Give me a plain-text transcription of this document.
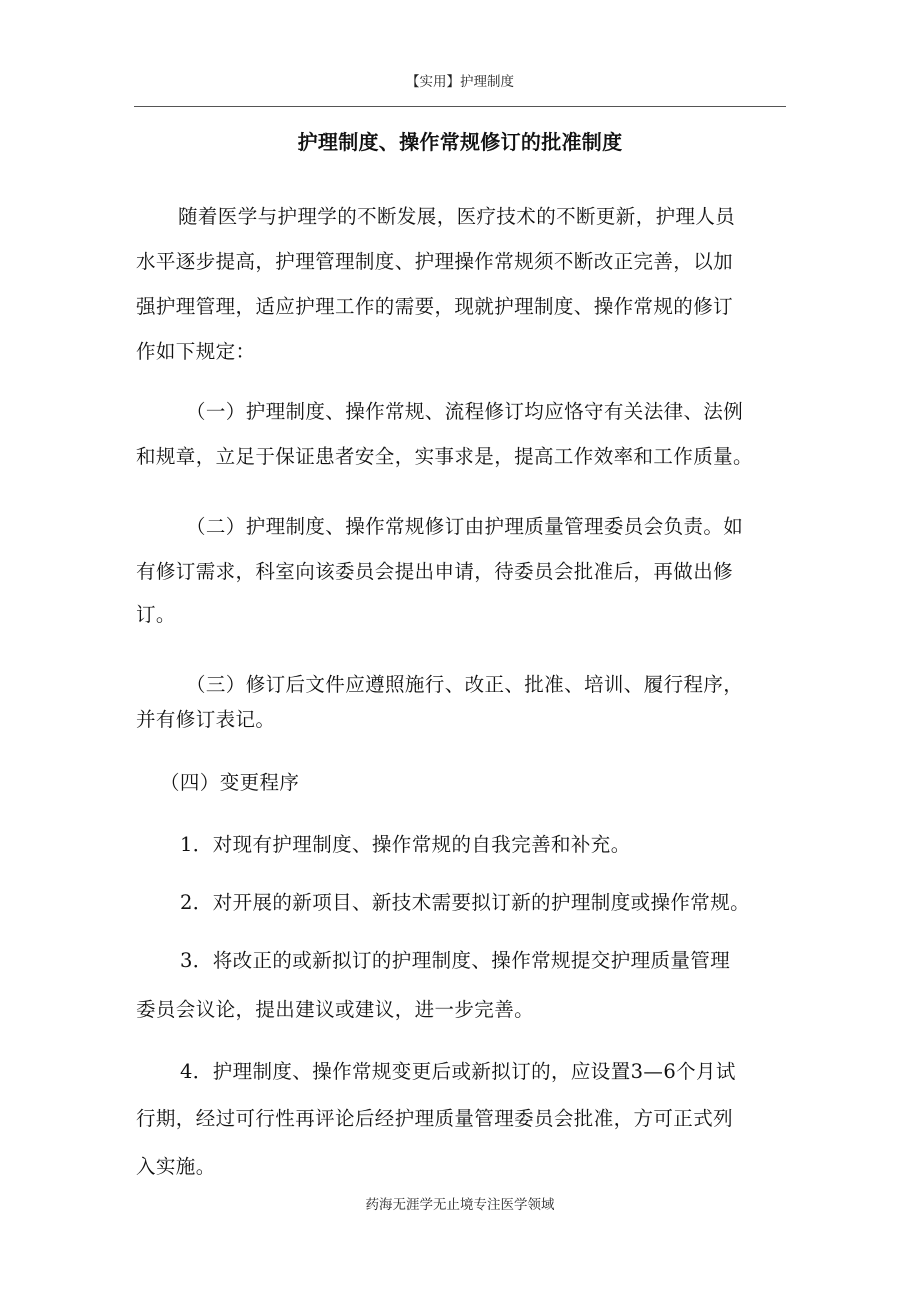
【实用】护理制度
护理制度、操作常规修订的批准制度

随着医学与护理学的不断发展，医疗技术的不断更新，护理人员

水平逐步提高，护理管理制度、护理操作常规须不断改正完善，以加

强护理管理，适应护理工作的需要，现就护理制度、操作常规的修订

作如下规定：

（一）护理制度、操作常规、流程修订均应恪守有关法律、法例

和规章，立足于保证患者安全，实事求是，提高工作效率和工作质量。

（二）护理制度、操作常规修订由护理质量管理委员会负责。如

有修订需求，科室向该委员会提出申请，待委员会批准后，再做出修

订。

（三）修订后文件应遵照施行、改正、批准、培训、履行程序，

并有修订表记。

（四）变更程序

1．对现有护理制度、操作常规的自我完善和补充。

2．对开展的新项目、新技术需要拟订新的护理制度或操作常规。

3．将改正的或新拟订的护理制度、操作常规提交护理质量管理

委员会议论，提出建议或建议，进一步完善。

4．护理制度、操作常规变更后或新拟订的，应设置3—6个月试

行期，经过可行性再评论后经护理质量管理委员会批准，方可正式列

入实施。

药海无涯学无止境专注医学领域
